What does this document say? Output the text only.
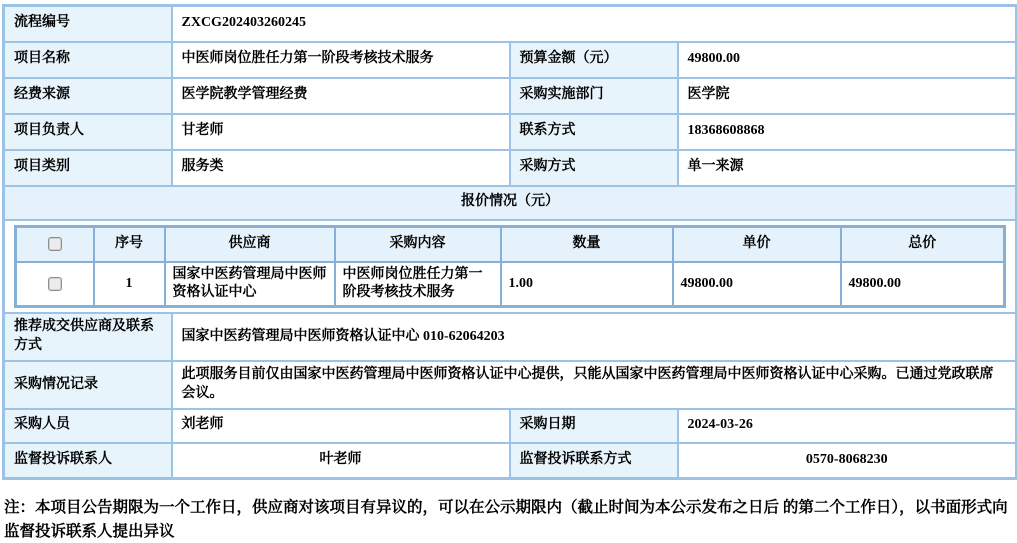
流程编号	ZXCG202403260245
项目名称	中医师岗位胜任力第一阶段考核技术服务	预算金额（元）	49800.00
经费来源	医学院教学管理经费	采购实施部门	医学院
项目负责人	甘老师	联系方式	18368608868
项目类别	服务类	采购方式	单一来源
报价情况（元）

	序号	供应商	采购内容	数量	单价	总价
	1	国家中医药管理局中医师资格认证中心	中医师岗位胜任力第一阶段考核技术服务	1.00	49800.00	49800.00

推荐成交供应商及联系方式	国家中医药管理局中医师资格认证中心 010-62064203
采购情况记录	此项服务目前仅由国家中医药管理局中医师资格认证中心提供，只能从国家中医药管理局中医师资格认证中心采购。已通过党政联席会议。
采购人员	刘老师	采购日期	2024-03-26
监督投诉联系人	叶老师	监督投诉联系方式	0570-8068230
注：本项目公告期限为一个工作日，供应商对该项目有异议的，可以在公示期限内（截止时间为本公示发布之日后 的第二个工作日），以书面形式向监督投诉联系人提出异议
